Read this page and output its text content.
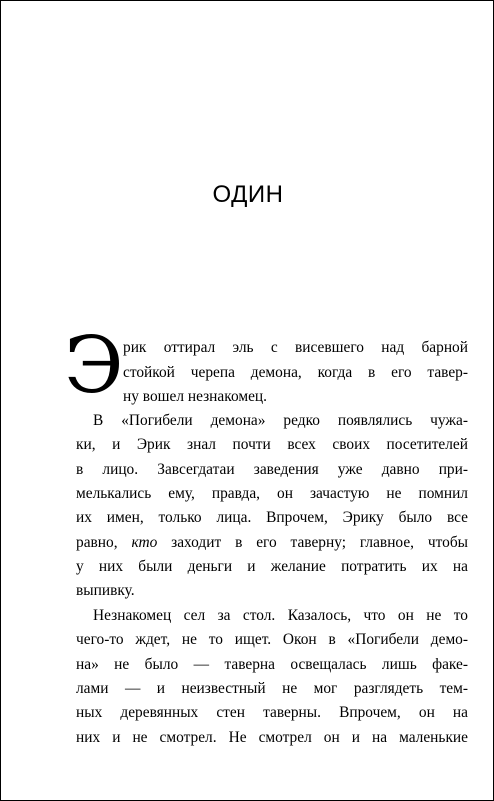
ОДИН
Э рик оттирал эль с висевшего над барной
стойкой черепа демона, когда в его тавер-
ну вошел незнакомец.
В «Погибели демона» редко появлялись чужа-
ки, и Эрик знал почти всех своих посетителей
в лицо. Завсегдатаи заведения уже давно при-
мелькались ему, правда, он зачастую не помнил
их имен, только лица. Впрочем, Эрику было все
равно, кто заходит в его таверну; главное, чтобы
у них были деньги и желание потратить их на
выпивку.
Незнакомец сел за стол. Казалось, что он не то
чего-то ждет, не то ищет. Окон в «Погибели демо-
на» не было — таверна освещалась лишь факе-
лами — и неизвестный не мог разглядеть тем-
ных деревянных стен таверны. Впрочем, он на
них и не смотрел. Не смотрел он и на маленькие
